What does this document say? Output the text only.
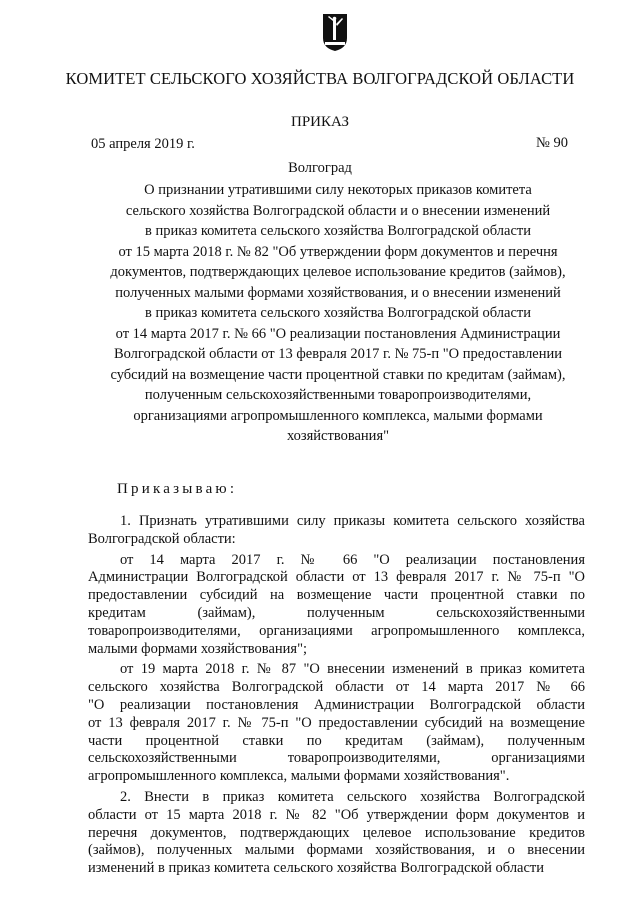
КОМИТЕТ СЕЛЬСКОГО ХОЗЯЙСТВА ВОЛГОГРАДСКОЙ ОБЛАСТИ
ПРИКАЗ
05 апреля 2019 г.	№ 90
Волгоград
О признании утратившими силу некоторых приказов комитета
сельского хозяйства Волгоградской области и о внесении изменений
в приказ комитета сельского хозяйства Волгоградской области
от 15 марта 2018 г. № 82 "Об утверждении форм документов и перечня
документов, подтверждающих целевое использование кредитов (займов),
полученных малыми формами хозяйствования, и о внесении изменений
в приказ комитета сельского хозяйства Волгоградской области
от 14 марта 2017 г. № 66 "О реализации постановления Администрации
Волгоградской области от 13 февраля 2017 г. № 75-п "О предоставлении
субсидий на возмещение части процентной ставки по кредитам (займам),
полученным сельскохозяйственными товаропроизводителями,
организациями агропромышленного комплекса, малыми формами
хозяйствования"
Приказываю:
1. Признать утратившими силу приказы комитета сельского хозяйства
Волгоградской области:
от 14 марта 2017 г. № 66 "О реализации постановления
Администрации Волгоградской области от 13 февраля 2017 г. № 75-п "О
предоставлении субсидий на возмещение части процентной ставки по
кредитам (займам), полученным сельскохозяйственными
товаропроизводителями, организациями агропромышленного комплекса,
малыми формами хозяйствования";
от 19 марта 2018 г. № 87 "О внесении изменений в приказ комитета
сельского хозяйства Волгоградской области от 14 марта 2017 № 66
"О реализации постановления Администрации Волгоградской области
от 13 февраля 2017 г. № 75-п "О предоставлении субсидий на возмещение
части процентной ставки по кредитам (займам), полученным
сельскохозяйственными товаропроизводителями, организациями
агропромышленного комплекса, малыми формами хозяйствования".
2. Внести в приказ комитета сельского хозяйства Волгоградской
области от 15 марта 2018 г. № 82 "Об утверждении форм документов и
перечня документов, подтверждающих целевое использование кредитов
(займов), полученных малыми формами хозяйствования, и о внесении
изменений в приказ комитета сельского хозяйства Волгоградской области
